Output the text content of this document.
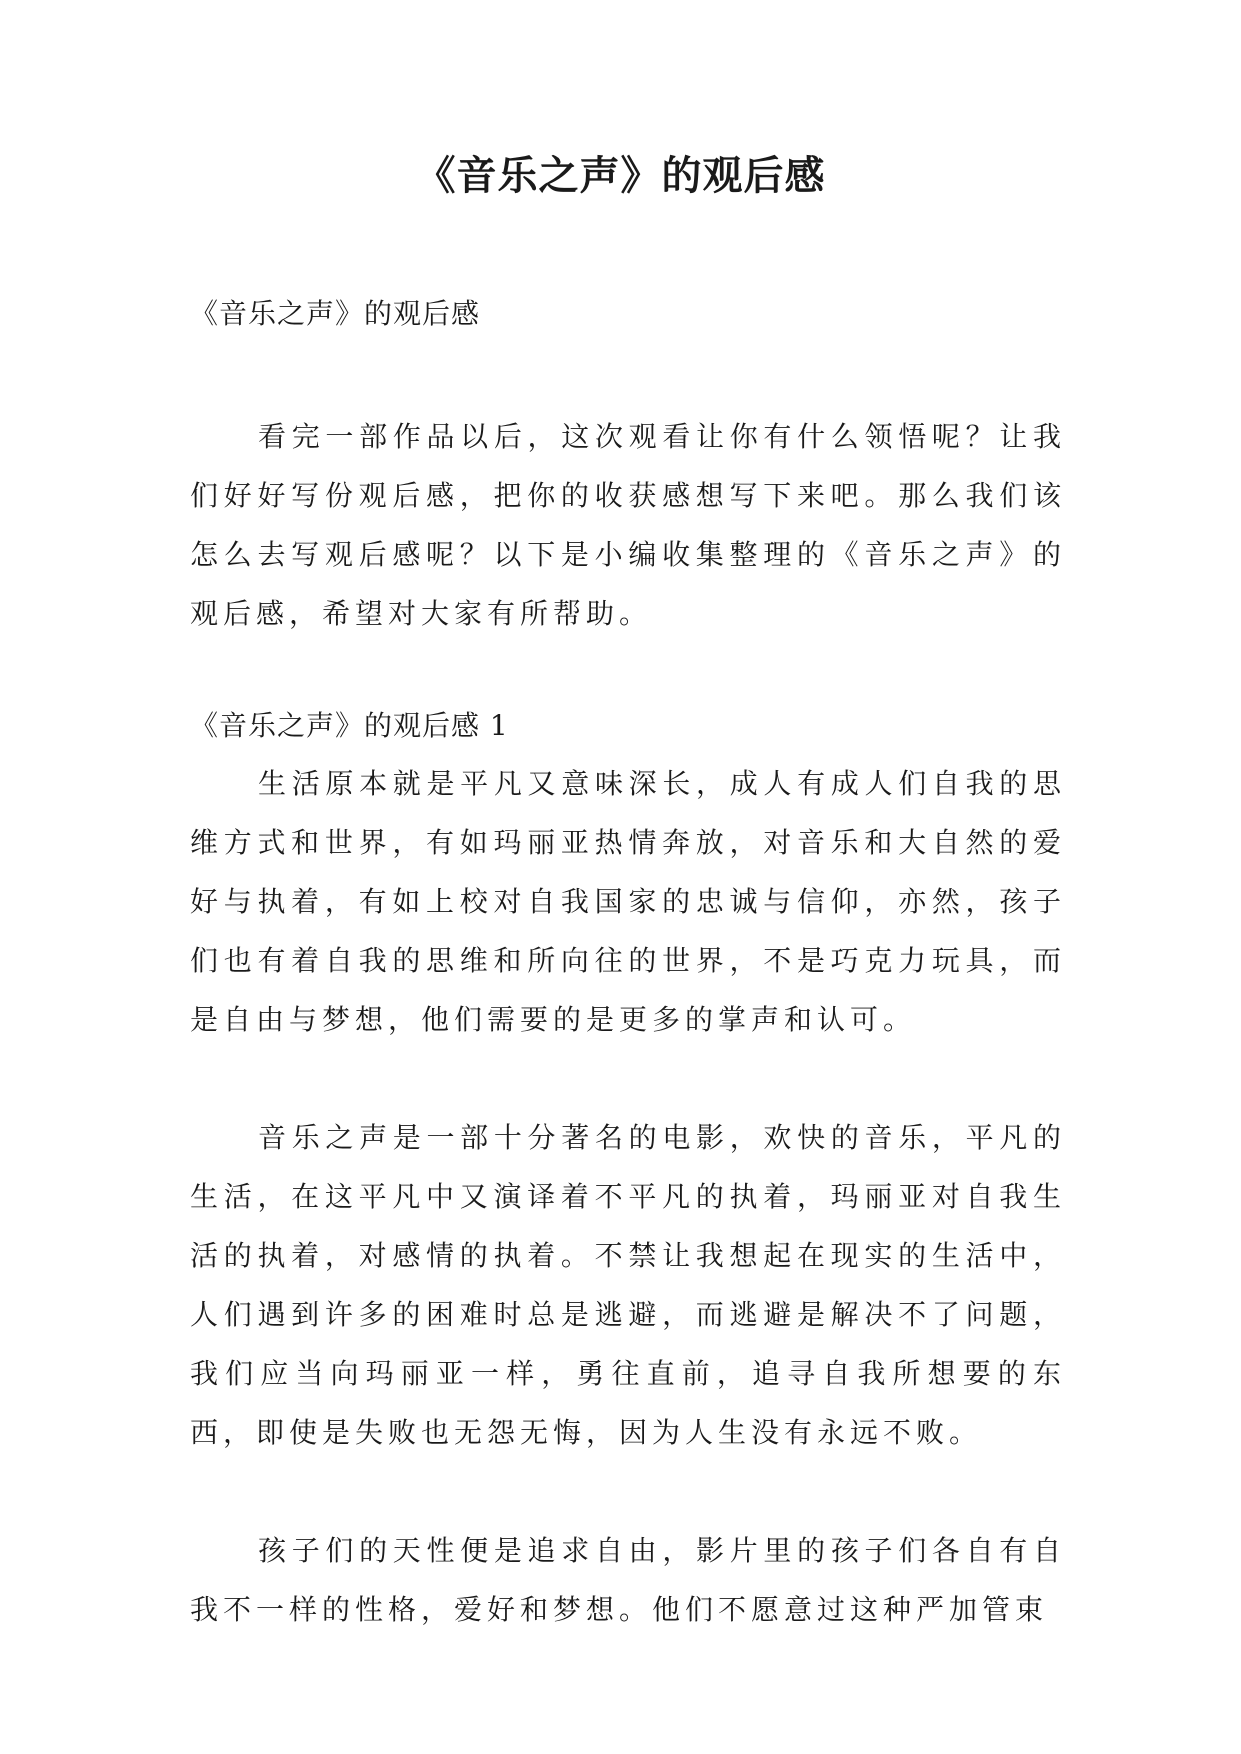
《音乐之声》的观后感

《音乐之声》的观后感

看完一部作品以后，这次观看让你有什么领悟呢？让我们好好写份观后感，把你的收获感想写下来吧。那么我们该怎么去写观后感呢？以下是小编收集整理的《音乐之声》的观后感，希望对大家有所帮助。

《音乐之声》的观后感 1

生活原本就是平凡又意味深长，成人有成人们自我的思维方式和世界，有如玛丽亚热情奔放，对音乐和大自然的爱好与执着，有如上校对自我国家的忠诚与信仰，亦然，孩子们也有着自我的思维和所向往的世界，不是巧克力玩具，而是自由与梦想，他们需要的是更多的掌声和认可。

音乐之声是一部十分著名的电影，欢快的音乐，平凡的生活，在这平凡中又演译着不平凡的执着，玛丽亚对自我生活的执着，对感情的执着。不禁让我想起在现实的生活中，人们遇到许多的困难时总是逃避，而逃避是解决不了问题，我们应当向玛丽亚一样，勇往直前，追寻自我所想要的东西，即使是失败也无怨无悔，因为人生没有永远不败。

孩子们的天性便是追求自由，影片里的孩子们各自有自我不一样的性格，爱好和梦想。他们不愿意过这种严加管束
